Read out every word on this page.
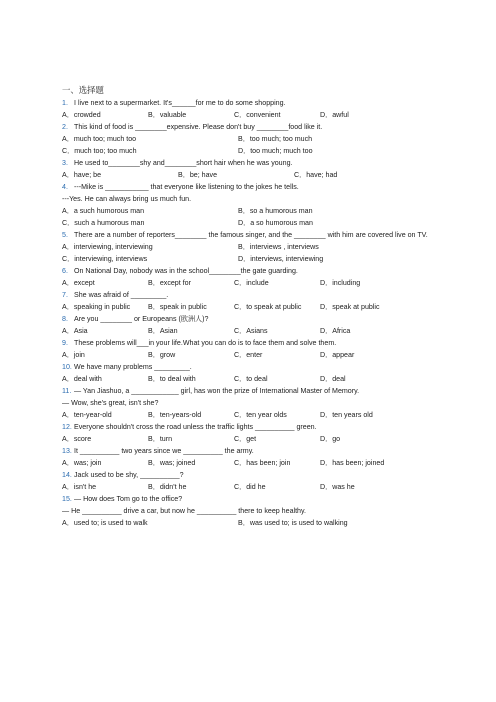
一、选择题
1. I live next to a supermarket. It's______for me to do some shopping.
A．crowded	B．valuable	C．convenient	D．awful
2. This kind of food is ________expensive. Please don't buy ________food like it.
A．much too; much too	B．too much; too much
C．much too; too much	D．too much; much too
3. He used to________shy and________short hair when he was young.
A．have; be	B．be; have	C．have; had
4. ---Mike is ___________ that everyone like listening to the jokes he tells.
---Yes. He can always bring us much fun.
A．a such humorous man	B．so a humorous man
C．such a humorous man	D．a so humorous man
5. There are a number of reporters________ the famous singer, and the ________ with him are covered live on TV.
A．interviewing, interviewing	B．interviews , interviews
C．interviewing, interviews	D．interviews, interviewing
6. On National Day, nobody was in the school________the gate guarding.
A．except	B．except for	C．include	D．including
7. She was afraid of _________.
A．speaking in public	B．speak in public	C．to speak at public	D．speak at public
8. Are you ________ or Europeans (欧洲人)?
A．Asia	B．Asian	C．Asians	D．Africa
9. These problems will___in your life.What you can do is to face them and solve them.
A．join	B．grow	C．enter	D．appear
10. We have many problems _________.
A．deal with	B．to deal with	C．to deal	D．deal
11. — Yan Jiashuo, a ____________ girl, has won the prize of International Master of Memory.
— Wow, she's great, isn't she?
A．ten-year-old	B．ten-years-old	C．ten year olds	D．ten years old
12. Everyone shouldn't cross the road unless the traffic lights __________ green.
A．score	B．turn	C．get	D．go
13. It __________ two years since we __________ the army.
A．was; join	B．was; joined	C．has been; join	D．has been; joined
14. Jack used to be shy, __________?
A．isn't he	B．didn't he	C．did he	D．was he
15. — How does Tom go to the office?
— He __________ drive a car, but now he __________ there to keep healthy.
A．used to; is used to walk	B．was used to; is used to walking
